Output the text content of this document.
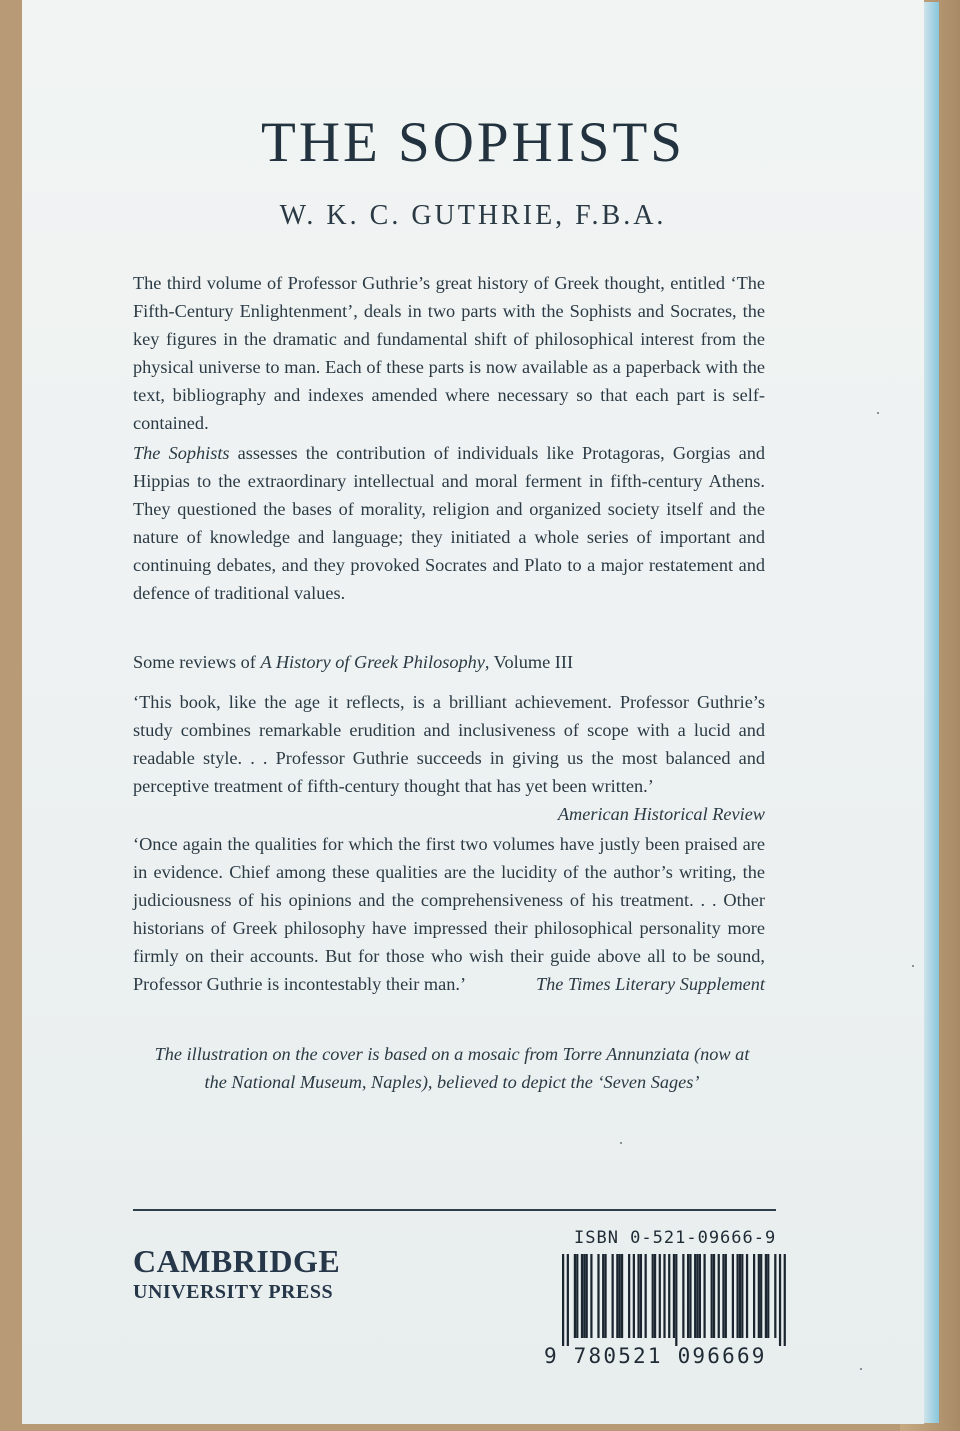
THE SOPHISTS
W. K. C. GUTHRIE, F.B.A.

The third volume of Professor Guthrie’s great history of Greek thought, entitled ‘The Fifth-Century Enlightenment’, deals in two parts with the Sophists and Socrates, the key figures in the dramatic and fundamental shift of philosophical interest from the physical universe to man. Each of these parts is now available as a paperback with the text, bibliography and indexes amended where necessary so that each part is self-contained.

The Sophists assesses the contribution of individuals like Protagoras, Gorgias and Hippias to the extraordinary intellectual and moral ferment in fifth-century Athens. They questioned the bases of morality, religion and organized society itself and the nature of knowledge and language; they initiated a whole series of important and continuing debates, and they provoked Socrates and Plato to a major restatement and defence of traditional values.

Some reviews of A History of Greek Philosophy, Volume III

‘This book, like the age it reflects, is a brilliant achievement. Professor Guthrie’s study combines remarkable erudition and inclusiveness of scope with a lucid and readable style. . . Professor Guthrie succeeds in giving us the most balanced and perceptive treatment of fifth-century thought that has yet been written.’
American Historical Review

‘Once again the qualities for which the first two volumes have justly been praised are in evidence. Chief among these qualities are the lucidity of the author’s writing, the judiciousness of his opinions and the comprehensiveness of his treatment. . . Other historians of Greek philosophy have impressed their philosophical personality more firmly on their accounts. But for those who wish their guide above all to be sound, Professor Guthrie is incontestably their man.’	The Times Literary Supplement

The illustration on the cover is based on a mosaic from Torre Annunziata (now at the National Museum, Naples), believed to depict the ‘Seven Sages’

CAMBRIDGE

UNIVERSITY PRESS

ISBN 0-521-09666-9

9 780521 096669
